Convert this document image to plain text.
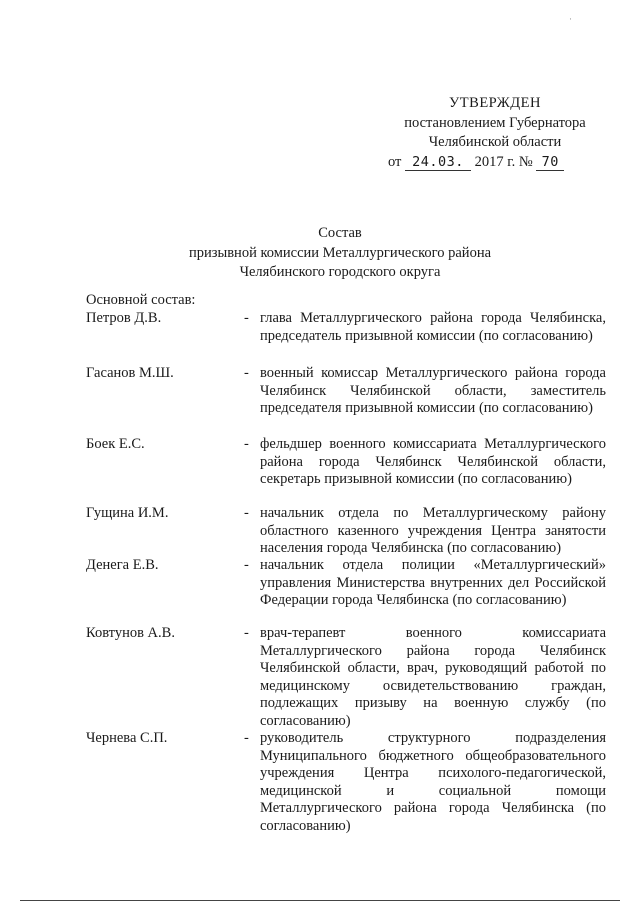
·
УТВЕРЖДЕН
постановлением Губернатора
Челябинской области
от 24.03. 2017 г. № 70
Состав
призывной комиссии Металлургического района
Челябинского городского округа
Основной состав:
Петров Д.В.	- глава Металлургического района города Челябинска, председатель призывной комиссии (по согласованию)
Гасанов М.Ш.	- военный комиссар Металлургического района города Челябинск Челябинской области, заместитель председателя призывной комиссии (по согласованию)
Боек Е.С.	- фельдшер военного комиссариата Металлургического района города Челябинск Челябинской области, секретарь призывной комиссии (по согласованию)
Гущина И.М.	- начальник отдела по Металлургическому району областного казенного учреждения Центра занятости населения города Челябинска (по согласованию)
Денега Е.В.	- начальник отдела полиции «Металлургический» управления Министерства внутренних дел Российской Федерации города Челябинска (по согласованию)
Ковтунов А.В.	- врач-терапевт военного комиссариата Металлургического района города Челябинск Челябинской области, врач, руководящий работой по медицинскому освидетельствованию граждан, подлежащих призыву на военную службу (по согласованию)
Чернева С.П.	- руководитель структурного подразделения Муниципального бюджетного общеобразовательного учреждения Центра психолого-педагогической, медицинской и социальной помощи Металлургического района города Челябинска (по согласованию)
